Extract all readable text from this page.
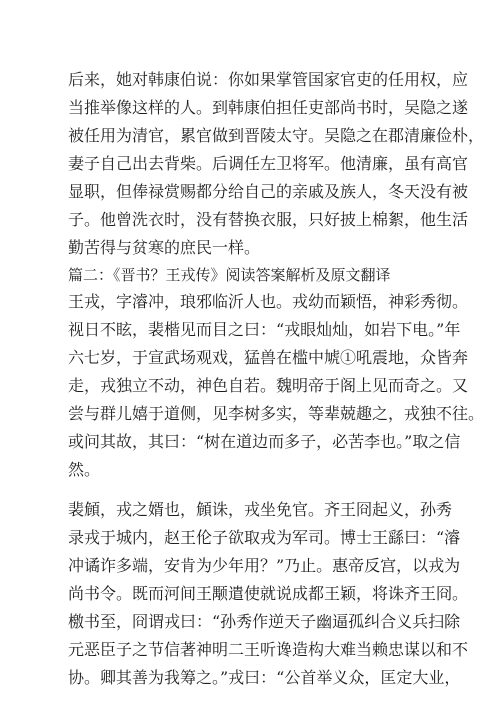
后来，她对韩康伯说：你如果掌管国家官吏的任用权，应
当推举像这样的人。到韩康伯担任吏部尚书时，吴隐之遂
被任用为清官，累官做到晋陵太守。吴隐之在郡清廉俭朴，
妻子自己出去背柴。后调任左卫将军。他清廉，虽有高官
显职，但俸禄赏赐都分给自己的亲戚及族人，冬天没有被
子。他曾洗衣时，没有替换衣服，只好披上棉絮，他生活
勤苦得与贫寒的庶民一样。
篇二：《晋书？王戎传》阅读答案解析及原文翻译
王戎，字濬冲，琅邪临沂人也。戎幼而颖悟，神彩秀彻。
视日不眩，裴楷见而目之曰：“戎眼灿灿，如岩下电。”年
六七岁，于宣武场观戏，猛兽在槛中虓①吼震地，众皆奔
走，戎独立不动，神色自若。魏明帝于阁上见而奇之。又
尝与群儿嬉于道侧，见李树多实，等辈兢趣之，戎独不往。
或问其故，其曰：“树在道边而多子，必苦李也。”取之信
然。
裴頠，戎之婿也，頠诛，戎坐免官。齐王冏起义，孙秀
录戎于城内，赵王伦子欲取戎为军司。博士王繇曰：“濬
冲谲诈多端，安肯为少年用？”乃止。惠帝反宫，以戎为
尚书令。既而河间王颙遣使就说成都王颖，将诛齐王冏。
檄书至，冏谓戎曰：“孙秀作逆天子幽逼孤纠合义兵扫除
元恶臣子之节信著神明二王听谗造构大难当赖忠谋以和不
协。卿其善为我筹之。”戎曰：“公首举义众，匡定大业，
